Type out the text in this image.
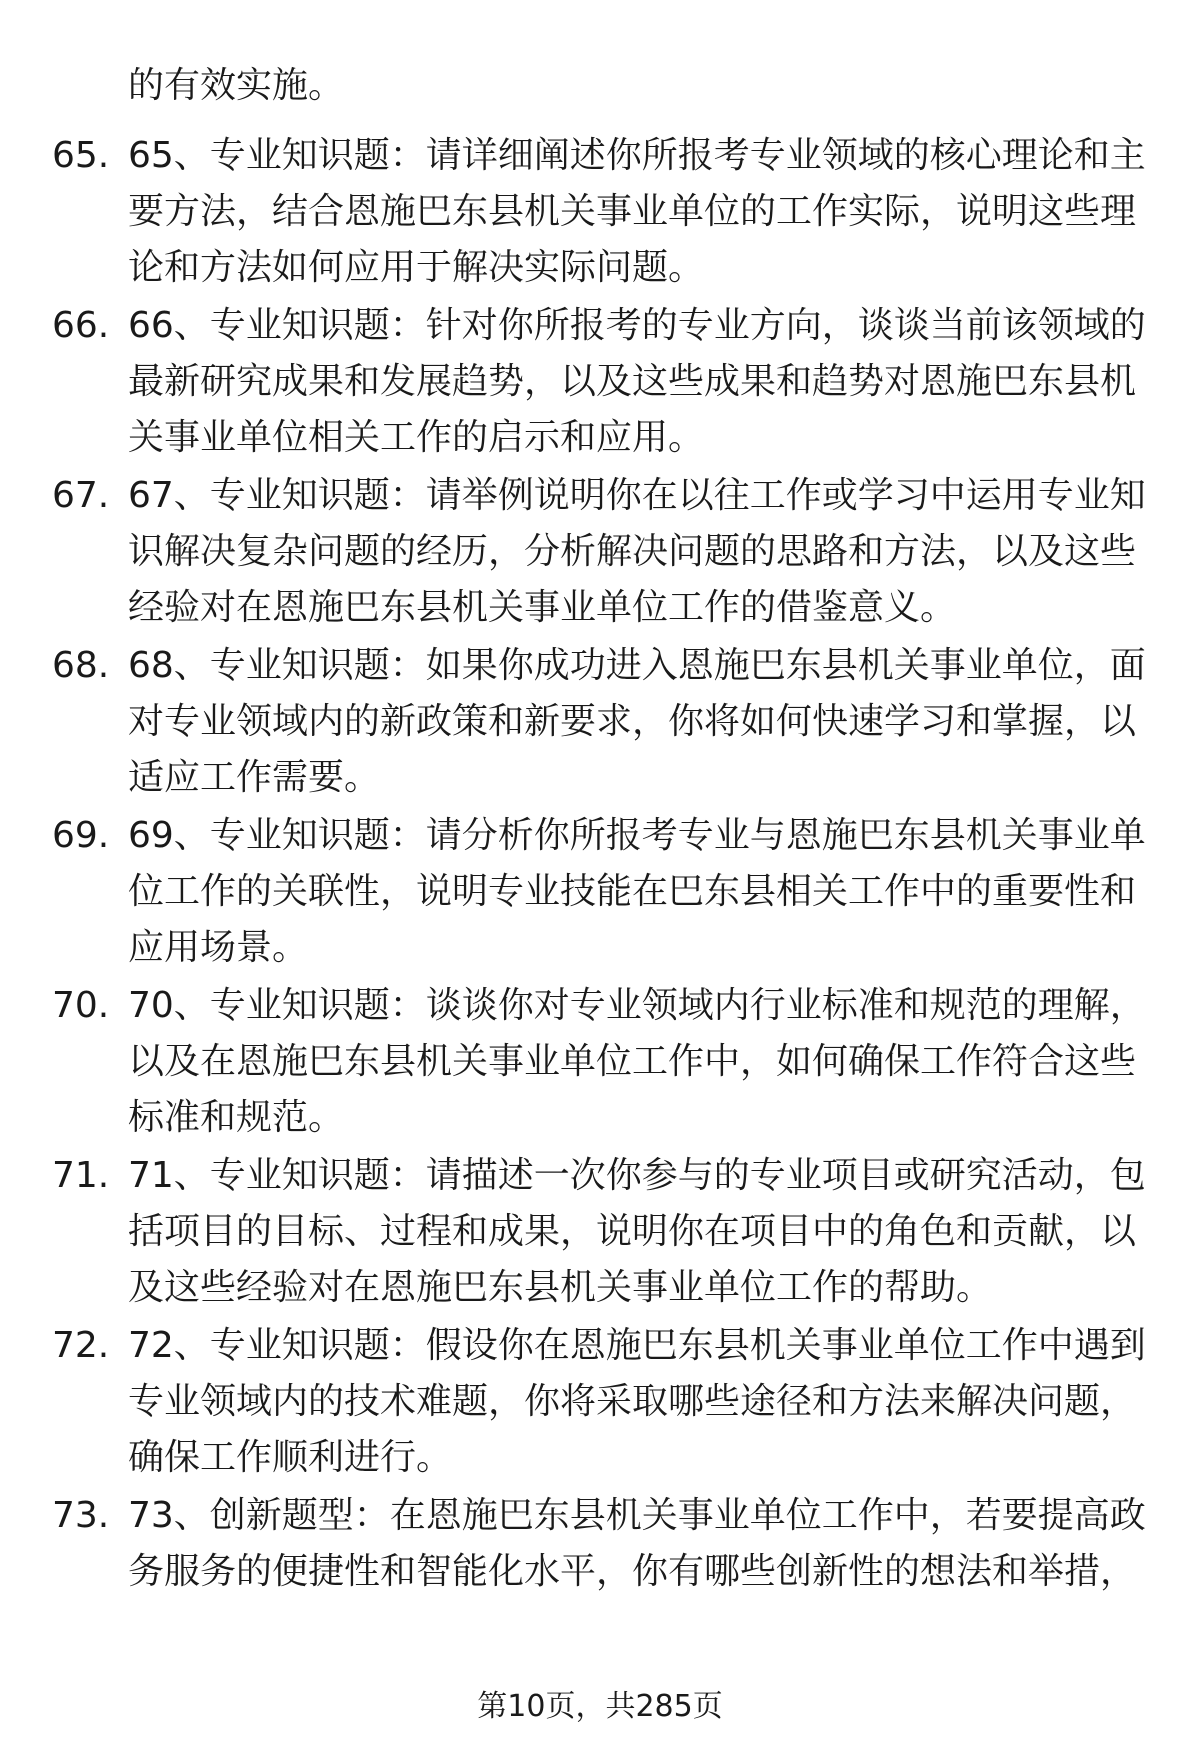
的有效实施。
65. 65、专业知识题：请详细阐述你所报考专业领域的核心理论和主
要方法，结合恩施巴东县机关事业单位的工作实际，说明这些理
论和方法如何应用于解决实际问题。
66. 66、专业知识题：针对你所报考的专业方向，谈谈当前该领域的
最新研究成果和发展趋势，以及这些成果和趋势对恩施巴东县机
关事业单位相关工作的启示和应用。
67. 67、专业知识题：请举例说明你在以往工作或学习中运用专业知
识解决复杂问题的经历，分析解决问题的思路和方法，以及这些
经验对在恩施巴东县机关事业单位工作的借鉴意义。
68. 68、专业知识题：如果你成功进入恩施巴东县机关事业单位，面
对专业领域内的新政策和新要求，你将如何快速学习和掌握，以
适应工作需要。
69. 69、专业知识题：请分析你所报考专业与恩施巴东县机关事业单
位工作的关联性，说明专业技能在巴东县相关工作中的重要性和
应用场景。
70. 70、专业知识题：谈谈你对专业领域内行业标准和规范的理解，
以及在恩施巴东县机关事业单位工作中，如何确保工作符合这些
标准和规范。
71. 71、专业知识题：请描述一次你参与的专业项目或研究活动，包
括项目的目标、过程和成果，说明你在项目中的角色和贡献，以
及这些经验对在恩施巴东县机关事业单位工作的帮助。
72. 72、专业知识题：假设你在恩施巴东县机关事业单位工作中遇到
专业领域内的技术难题，你将采取哪些途径和方法来解决问题，
确保工作顺利进行。
73. 73、创新题型：在恩施巴东县机关事业单位工作中，若要提高政
务服务的便捷性和智能化水平，你有哪些创新性的想法和举措，
第10页，共285页
